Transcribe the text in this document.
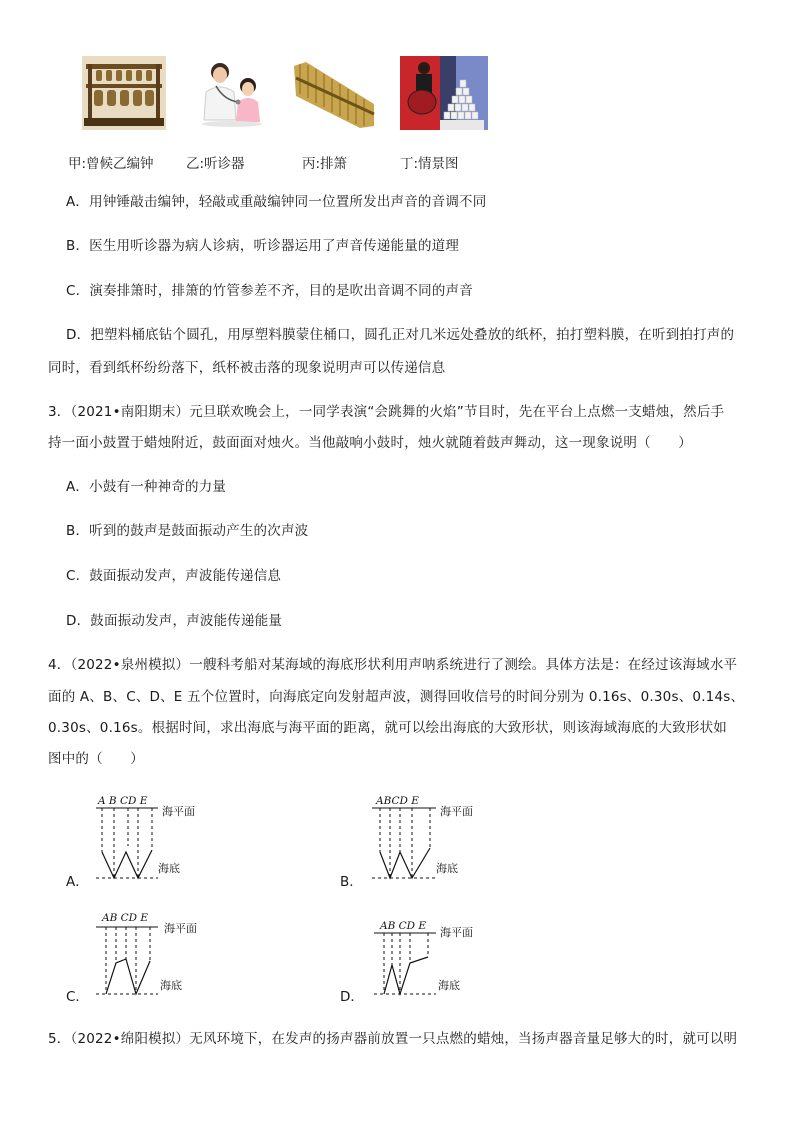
甲:曾候乙编钟 乙:听诊器	丙:排箫	丁:情景图
A．用钟锤敲击编钟，轻敲或重敲编钟同一位置所发出声音的音调不同
B．医生用听诊器为病人诊病，听诊器运用了声音传递能量的道理
C．演奏排箫时，排箫的竹管参差不齐，目的是吹出音调不同的声音
D．把塑料桶底钻个圆孔，用厚塑料膜蒙住桶口，圆孔正对几米远处叠放的纸杯，拍打塑料膜，在听到拍打声的
同时，看到纸杯纷纷落下，纸杯被击落的现象说明声可以传递信息
3．（2021•南阳期末）元旦联欢晚会上，一同学表演“会跳舞的火焰”节目时，先在平台上点燃一支蜡烛，然后手
持一面小鼓置于蜡烛附近，鼓面面对烛火。当他敲响小鼓时，烛火就随着鼓声舞动，这一现象说明（　　）
A．小鼓有一种神奇的力量
B．听到的鼓声是鼓面振动产生的次声波
C．鼓面振动发声，声波能传递信息
D．鼓面振动发声，声波能传递能量
4．（2022•泉州模拟）一艘科考船对某海域的海底形状利用声呐系统进行了测绘。具体方法是：在经过该海域水平
面的 A、B、C、D、E 五个位置时，向海底定向发射超声波，测得回收信号的时间分别为 0.16s、0.30s、0.14s、
0.30s、0.16s。根据时间，求出海底与海平面的距离，就可以绘出海底的大致形状，则该海域海底的大致形状如
图中的（　　）
A．
A B CD E
海平面
海底
B．
ABCD E
海平面
海底
C．
AB CD E
海平面
海底
D．
AB CD E 海平面
海底
5．（2022•绵阳模拟）无风环境下，在发声的扬声器前放置一只点燃的蜡烛，当扬声器音量足够大的时，就可以明
